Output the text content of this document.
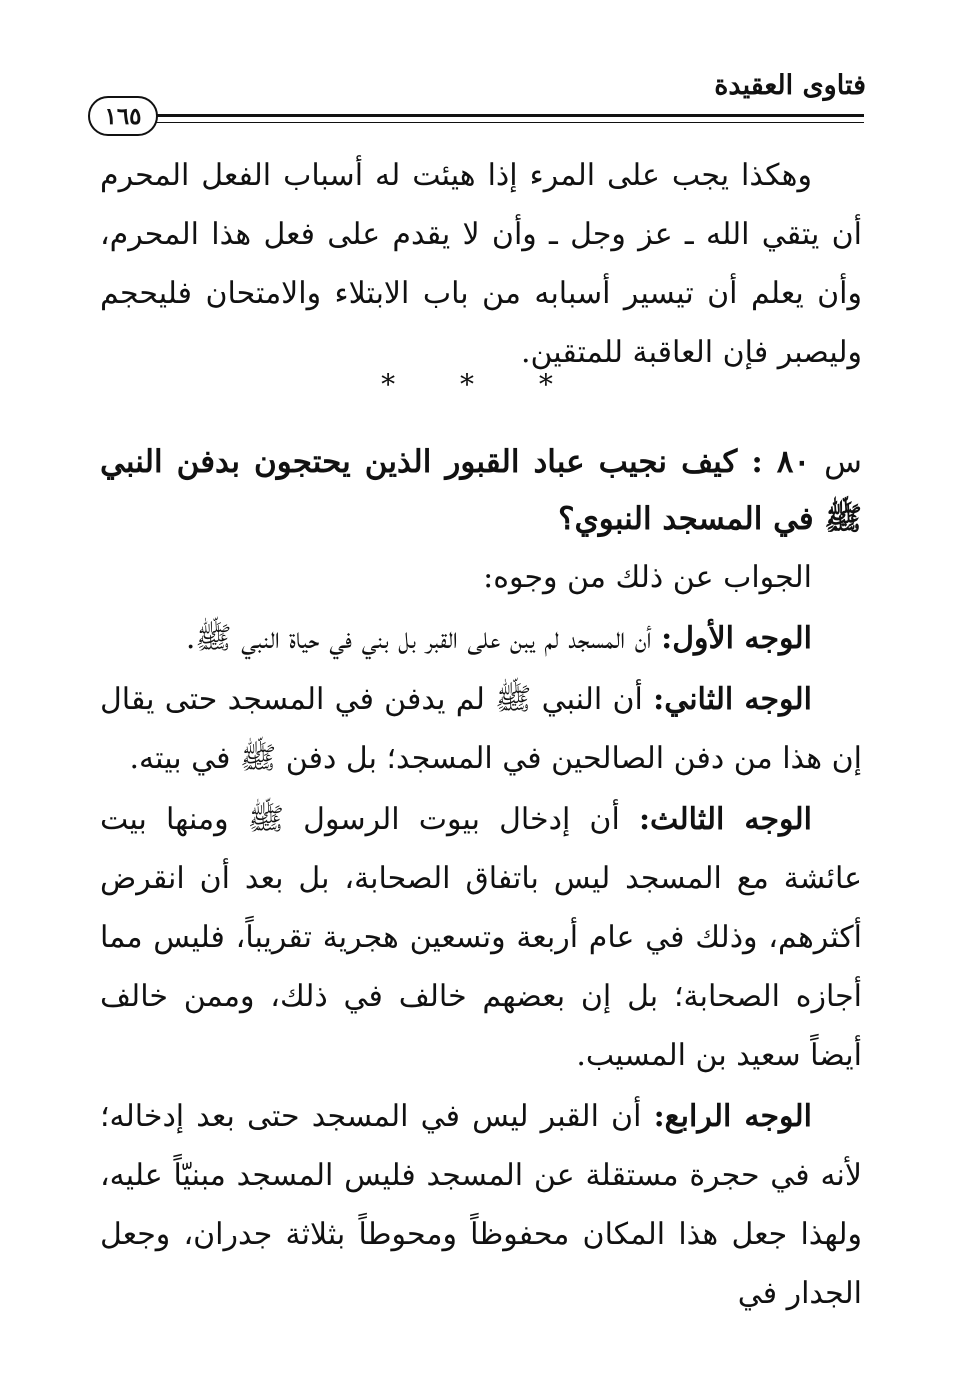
فتاوى العقيدة
١٦٥

وهكذا يجب على المرء إذا هيئت له أسباب الفعل المحرم أن يتقي الله ـ عز وجل ـ وأن لا يقدم على فعل هذا المحرم، وأن يعلم أن تيسير أسبابه من باب الابتلاء والامتحان فليحجم وليصبر فإن العاقبة للمتقين.

* * *
س ٨٠ : كيف نجيب عباد القبور الذين يحتجون بدفن النبي ﷺ في المسجد النبوي؟

الجواب عن ذلك من وجوه:

الوجه الأول: أن المسجد لم يبن على القبر بل بني في حياة النبي ﷺ.

الوجه الثاني: أن النبي ﷺ لم يدفن في المسجد حتى يقال إن هذا من دفن الصالحين في المسجد؛ بل دفن ﷺ في بيته.

الوجه الثالث: أن إدخال بيوت الرسول ﷺ ومنها بيت عائشة مع المسجد ليس باتفاق الصحابة، بل بعد أن انقرض أكثرهم، وذلك في عام أربعة وتسعين هجرية تقريباً، فليس مما أجازه الصحابة؛ بل إن بعضهم خالف في ذلك، وممن خالف أيضاً سعيد بن المسيب.

الوجه الرابع: أن القبر ليس في المسجد حتى بعد إدخاله؛ لأنه في حجرة مستقلة عن المسجد فليس المسجد مبنيّاً عليه، ولهذا جعل هذا المكان محفوظاً ومحوطاً بثلاثة جدران، وجعل الجدار في
